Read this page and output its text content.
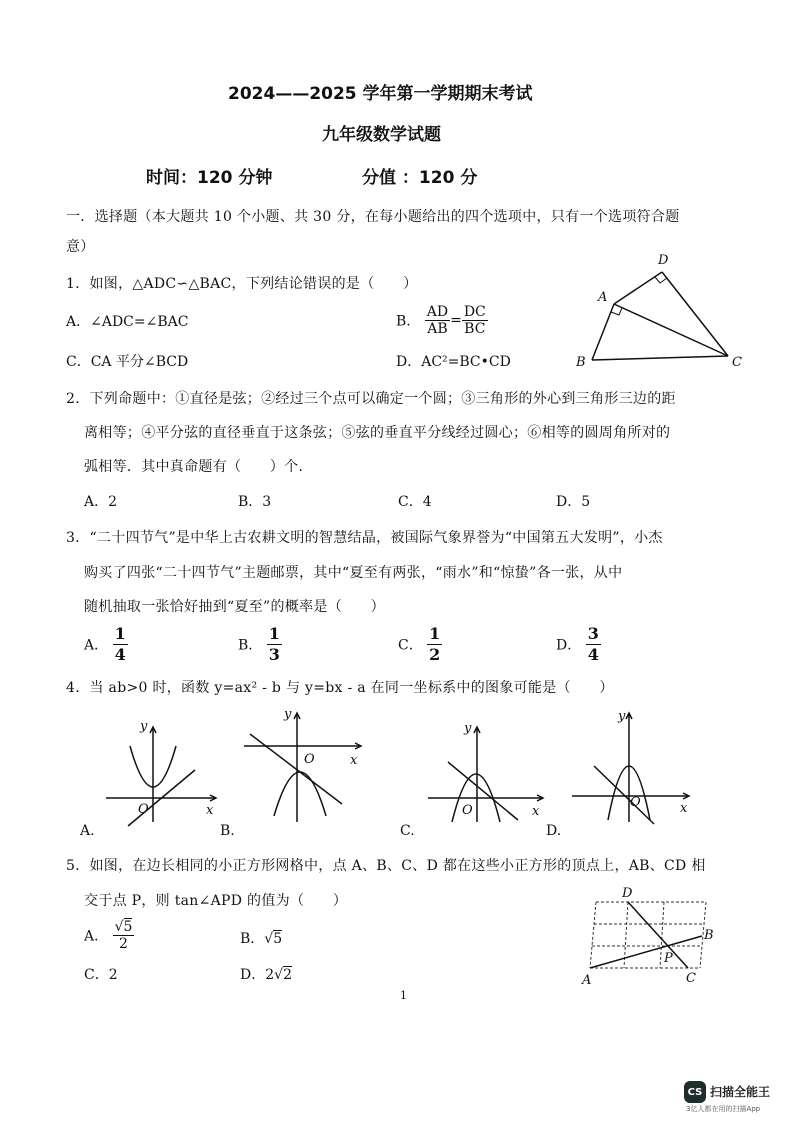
2024——2025 学年第一学期期末考试
九年级数学试题
时间：120 分钟	分值 ：120 分
一．选择题（本大题共 10 个小题、共 30 分，在每小题给出的四个选项中，只有一个选项符合题
意）
1．如图，△ADC∽△BAC，下列结论错误的是（　　）
A．∠ADC=∠BAC	B． $\frac{AD}{AB} = \frac{DC}{BC}$
C．CA 平分∠BCD	D．AC²=BC•CD
D
A
B	C
2．下列命题中：①直径是弦；②经过三个点可以确定一个圆；③三角形的外心到三角形三边的距
离相等；④平分弦的直径垂直于这条弦；⑤弦的垂直平分线经过圆心；⑥相等的圆周角所对的
弧相等．其中真命题有（　　）个．
A．2	B．3	C．4	D．5
3．“二十四节气”是中华上古农耕文明的智慧结晶，被国际气象界誉为“中国第五大发明”，小杰
购买了四张“二十四节气”主题邮票，其中“夏至有两张，“雨水”和“惊蛰”各一张，从中
随机抽取一张恰好抽到“夏至”的概率是（　　）
A． $\frac{1}{4}$	B． $\frac{1}{3}$	C． $\frac{1}{2}$	D． $\frac{3}{4}$
4．当 ab>0 时，函数 y=ax² - b 与 y=bx - a 在同一坐标系中的图象可能是（　　）
y
x
O
A.
y
x
O
B.
y
x
O
C.
y
x
O
D.
5．如图，在边长相同的小正方形网格中，点 A、B、C、D 都在这些小正方形的顶点上，AB、CD 相
交于点 P，则 tan∠APD 的值为（　　）
A． $\frac{√5}{2}$	B．√5
C．2	D．2√2
D
B
P
A	C
1
CS 扫描全能王
3亿人都在用的扫描App
